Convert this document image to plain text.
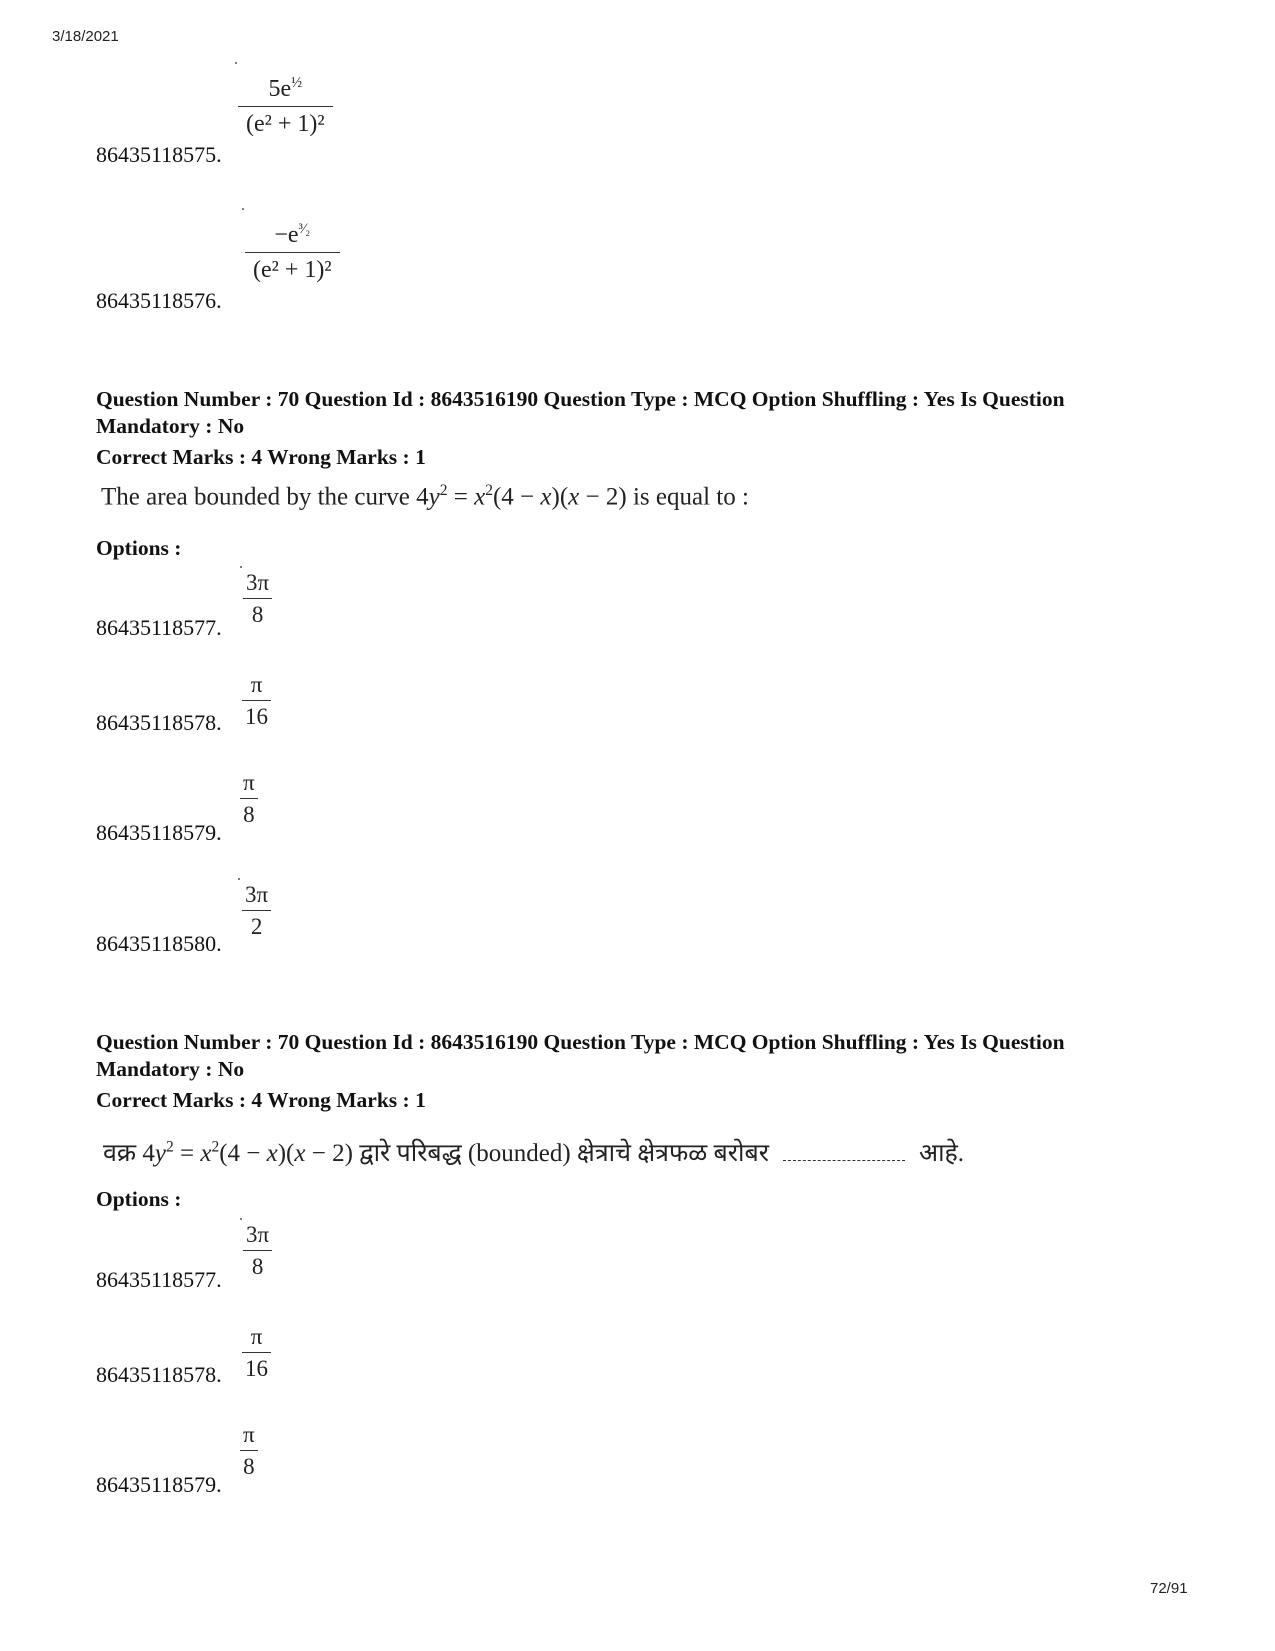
3/18/2021
72/91
$\frac{5e^{\frac{1}{2}}}{\text{(e² + 1)²}}$
86435118575.
$\frac{-e^{^3⁄_2}}{\text{(e² + 1)²}}$
86435118576.
Question Number : 70 Question Id : 8643516190 Question Type : MCQ Option Shuffling : Yes Is Question Mandatory : No
Correct Marks : 4 Wrong Marks : 1
The area bounded by the curve $4y^2 = x^2(4 - x)(x - 2)$ is equal to :
Options :
$\frac{3\pi}{8}$
86435118577.
$\frac{\pi}{16}$
86435118578.
$\frac{\pi}{8}$
86435118579.
$\frac{3\pi}{2}$
86435118580.
Question Number : 70 Question Id : 8643516190 Question Type : MCQ Option Shuffling : Yes Is Question Mandatory : No
Correct Marks : 4 Wrong Marks : 1
वक्र $4y^2 = x^2(4 - x)(x - 2)$ द्वारे परिबद्ध (bounded) क्षेत्राचे क्षेत्रफळ बरोबर	आहे.
Options :
$\frac{3\pi}{8}$
86435118577.
$\frac{\pi}{16}$
86435118578.
$\frac{\pi}{8}$
86435118579.
